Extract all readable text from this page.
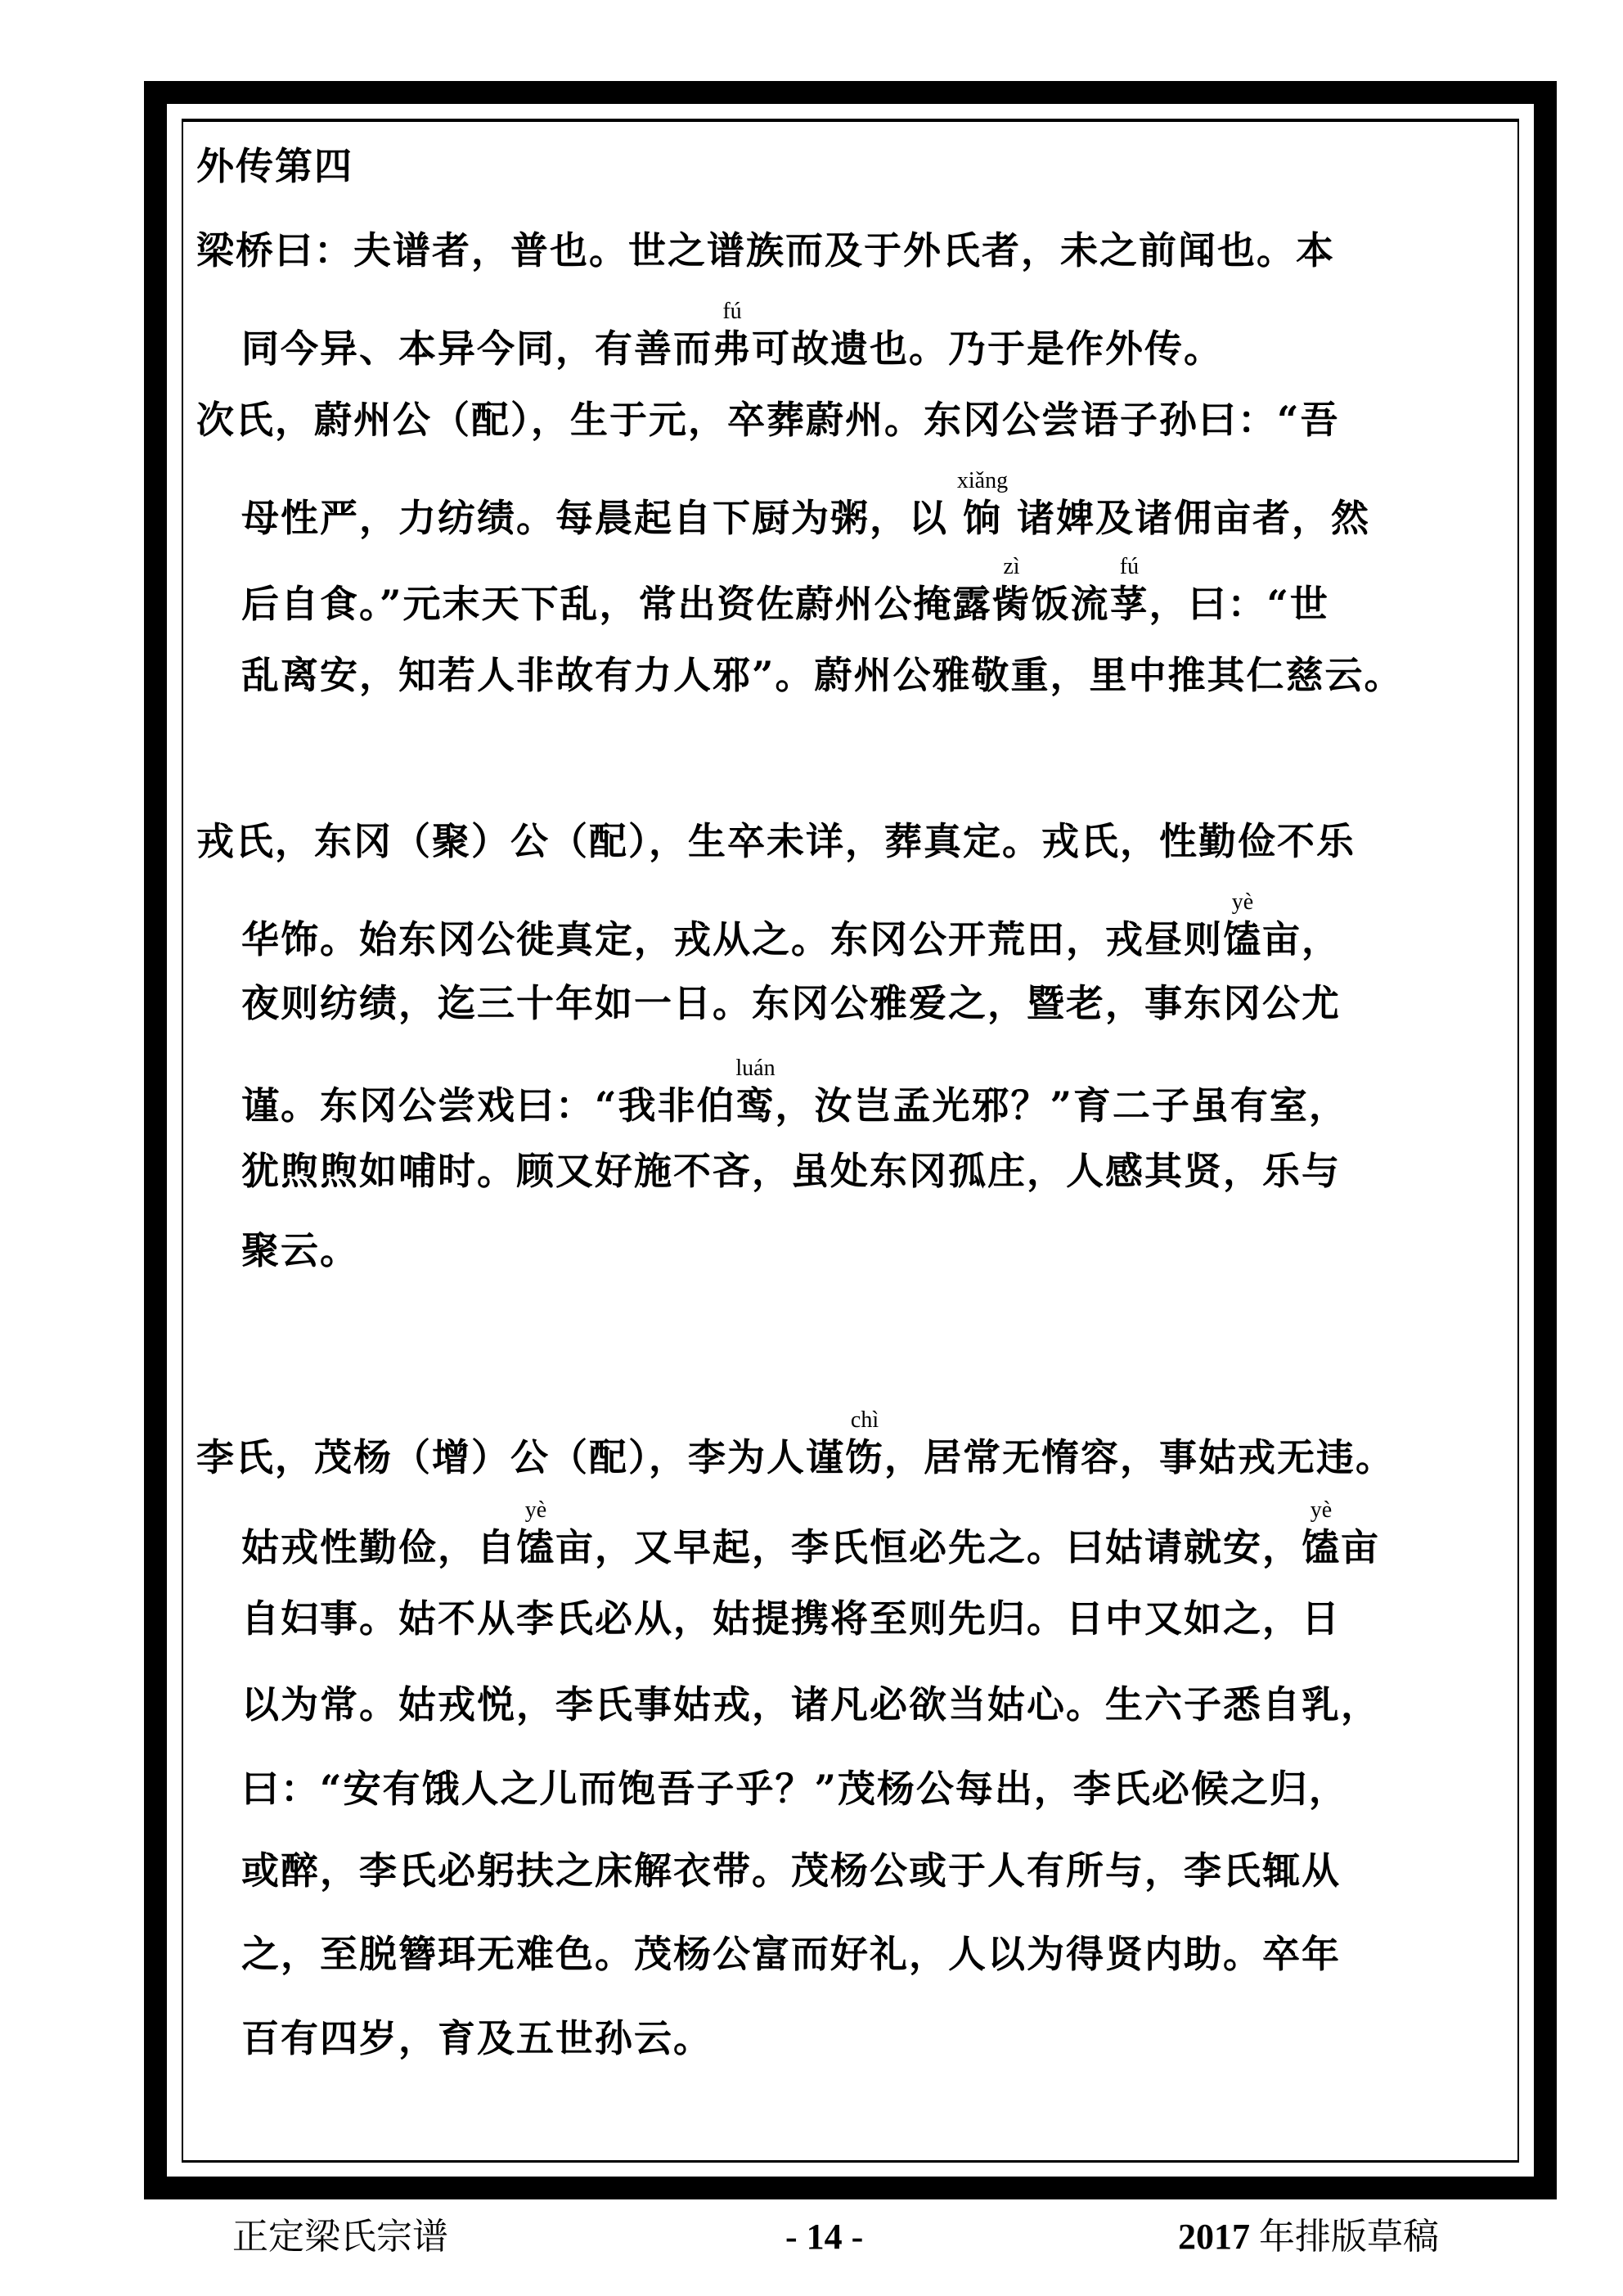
外传第四
梁桥曰：夫谱者，普也。世之谱族而及于外氏者，未之前闻也。本
同今异、本异今同，有善而
fú
弗可故遗也。乃于是作外传。
次氏，蔚州公（配），生于元，卒葬蔚州。东冈公尝语子孙曰：“吾
母性严，力纺绩。每晨起自下厨为粥，以
xiǎng
饷 诸婢及诸佣亩者，然
后自食。”元末天下乱，常出资佐蔚州公掩露
zì
胔饭流
fú
莩，曰：“世
乱离安，知若人非故有力人邪”。蔚州公雅敬重，里中推其仁慈云。
戎氏，东冈（聚）公（配），生卒未详，葬真定。戎氏，性勤俭不乐
华饰。始东冈公徙真定，戎从之。东冈公开荒田，戎昼则
yè
馌亩，
夜则纺绩，迄三十年如一日。东冈公雅爱之，暨老，事东冈公尤
谨。东冈公尝戏曰：“我非伯
luán
鸾，汝岂孟光邪？”育二子虽有室，
犹煦煦如哺时。顾又好施不吝，虽处东冈孤庄，人感其贤，乐与
聚云。
李氏，茂杨（增）公（配），李为人谨
chì
饬，居常无惰容，事姑戎无违。
姑戎性勤俭，自
yè
馌亩，又早起，李氏恒必先之。曰姑请就安，
yè
馌亩
自妇事。姑不从李氏必从，姑提携将至则先归。日中又如之，日
以为常。姑戎悦，李氏事姑戎，诸凡必欲当姑心。生六子悉自乳，
曰：“安有饿人之儿而饱吾子乎？”茂杨公每出，李氏必候之归，
或醉，李氏必躬扶之床解衣带。茂杨公或于人有所与，李氏辄从
之，至脱簪珥无难色。茂杨公富而好礼，人以为得贤内助。卒年
百有四岁，育及五世孙云。
正定梁氏宗谱	- 14 -	2017 年排版草稿
